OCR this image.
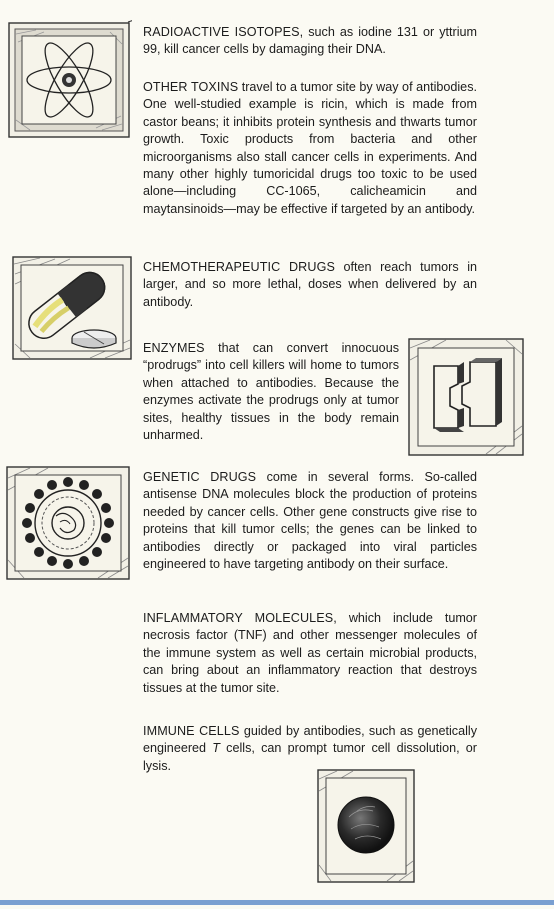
RADIOACTIVE ISOTOPES, such as iodine 131 or yttrium 99, kill cancer cells by damaging their DNA.

OTHER TOXINS travel to a tumor site by way of antibodies. One well-studied example is ricin, which is made from castor beans; it inhibits protein synthesis and thwarts tumor growth. Toxic products from bacteria and other microorganisms also stall cancer cells in experiments. And many other highly tumoricidal drugs too toxic to be used alone—including CC-1065, calicheamicin and maytansinoids—may be effective if targeted by an antibody.

CHEMOTHERAPEUTIC DRUGS often reach tumors in larger, and so more lethal, doses when delivered by an antibody.

ENZYMES that can convert innocuous “prodrugs” into cell killers will home to tumors when attached to antibodies. Because the enzymes activate the prodrugs only at tumor sites, healthy tissues in the body remain unharmed.

GENETIC DRUGS come in several forms. So-called antisense DNA molecules block the production of proteins needed by cancer cells. Other gene constructs give rise to proteins that kill tumor cells; the genes can be linked to antibodies directly or packaged into viral particles engineered to have targeting antibody on their surface.

INFLAMMATORY MOLECULES, which include tumor necrosis factor (TNF) and other messenger molecules of the immune system as well as certain microbial products, can bring about an inflammatory reaction that destroys tissues at the tumor site.

IMMUNE CELLS guided by antibodies, such as genetically engineered T cells, can prompt tumor cell dissolution, or lysis.
